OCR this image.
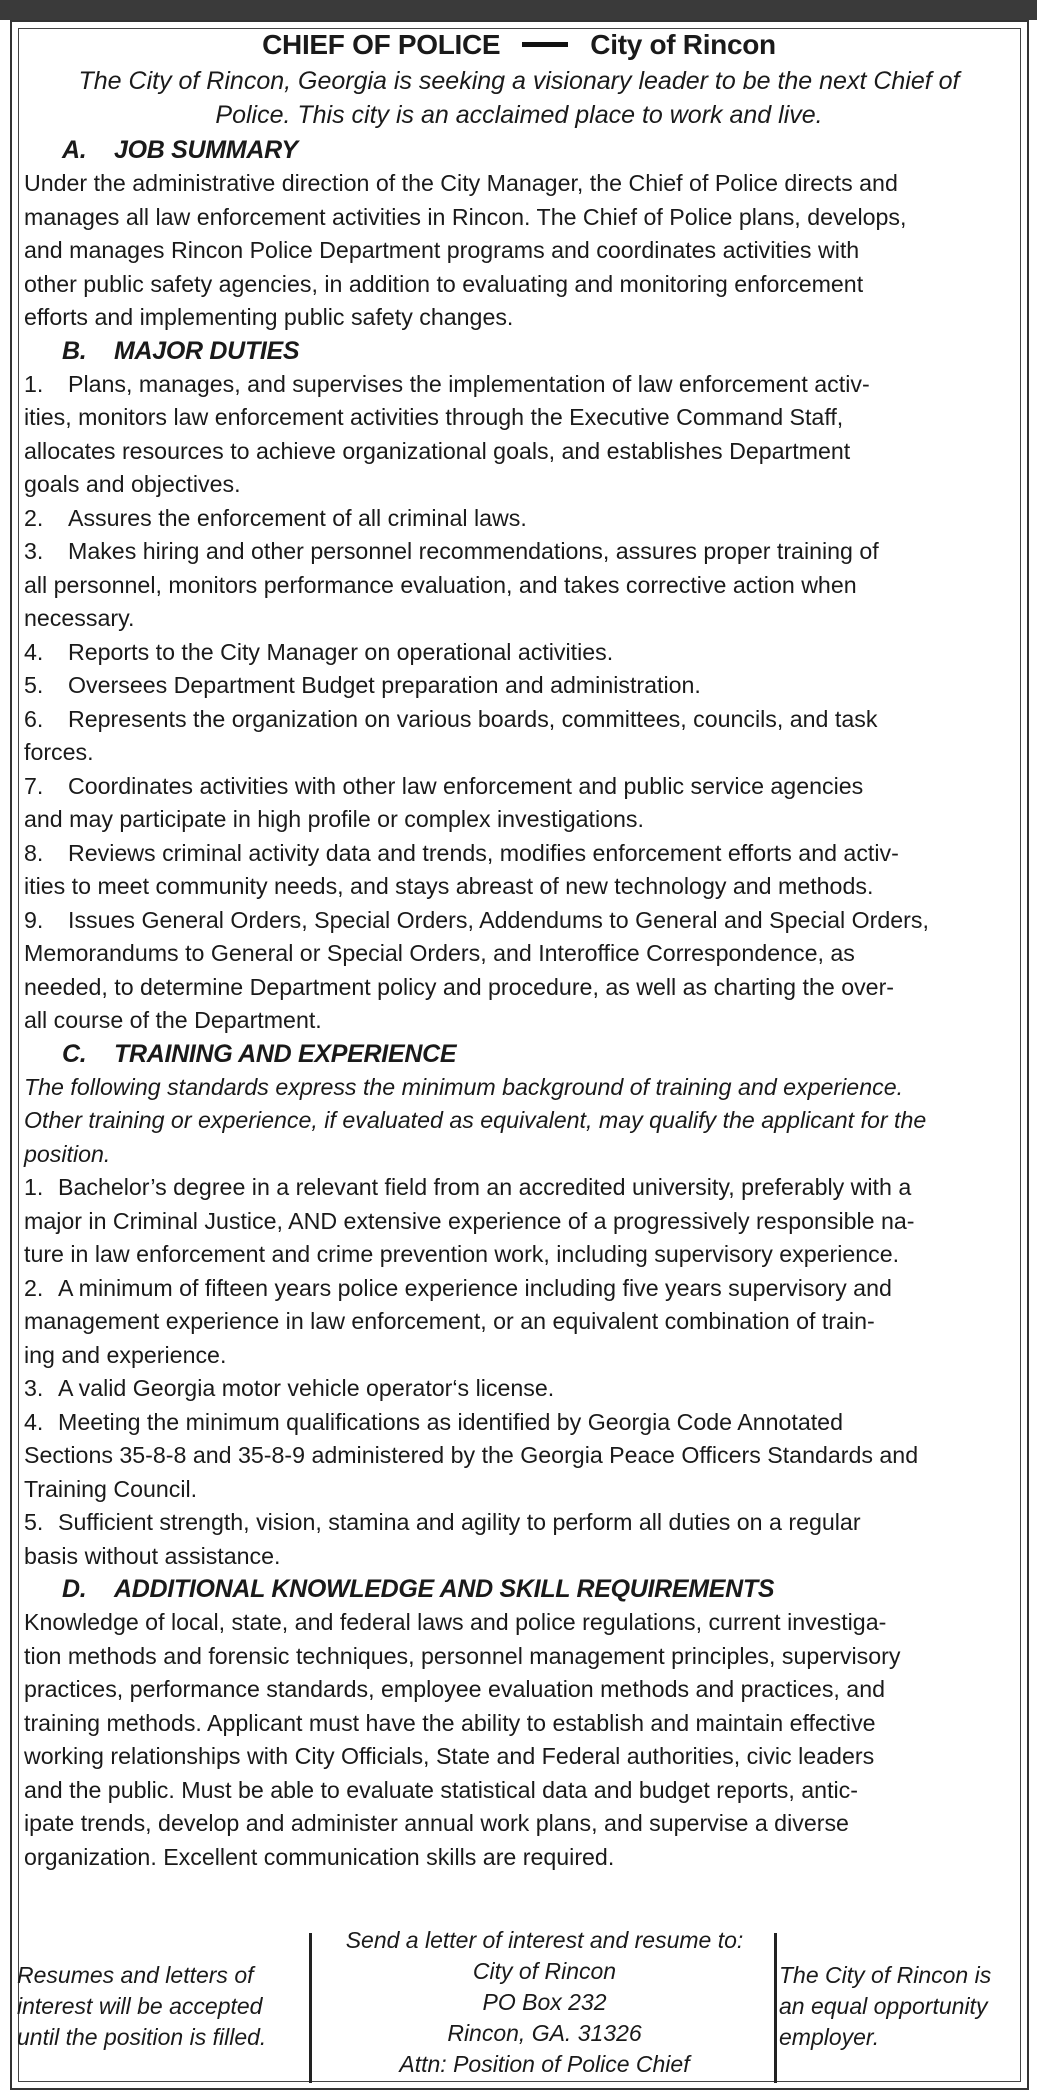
CHIEF OF POLICE	City of Rincon
The City of Rincon, Georgia is seeking a visionary leader to be the next Chief of
Police. This city is an acclaimed place to work and live.
A. JOB SUMMARY
Under the administrative direction of the City Manager, the Chief of Police directs and
manages all law enforcement activities in Rincon. The Chief of Police plans, develops,
and manages Rincon Police Department programs and coordinates activities with
other public safety agencies, in addition to evaluating and monitoring enforcement
efforts and implementing public safety changes.
B. MAJOR DUTIES
1. Plans, manages, and supervises the implementation of law enforcement activ-
ities, monitors law enforcement activities through the Executive Command Staff,
allocates resources to achieve organizational goals, and establishes Department
goals and objectives.
2. Assures the enforcement of all criminal laws.
3. Makes hiring and other personnel recommendations, assures proper training of
all personnel, monitors performance evaluation, and takes corrective action when
necessary.
4. Reports to the City Manager on operational activities.
5. Oversees Department Budget preparation and administration.
6. Represents the organization on various boards, committees, councils, and task
forces.
7. Coordinates activities with other law enforcement and public service agencies
and may participate in high profile or complex investigations.
8. Reviews criminal activity data and trends, modifies enforcement efforts and activ-
ities to meet community needs, and stays abreast of new technology and methods.
9. Issues General Orders, Special Orders, Addendums to General and Special Orders,
Memorandums to General or Special Orders, and Interoffice Correspondence, as
needed, to determine Department policy and procedure, as well as charting the over-
all course of the Department.
C. TRAINING AND EXPERIENCE
The following standards express the minimum background of training and experience.
Other training or experience, if evaluated as equivalent, may qualify the applicant for the
position.
1. Bachelor’s degree in a relevant field from an accredited university, preferably with a
major in Criminal Justice, AND extensive experience of a progressively responsible na-
ture in law enforcement and crime prevention work, including supervisory experience.
2. A minimum of fifteen years police experience including five years supervisory and
management experience in law enforcement, or an equivalent combination of train-
ing and experience.
3. A valid Georgia motor vehicle operator‘s license.
4. Meeting the minimum qualifications as identified by Georgia Code Annotated
Sections 35-8-8 and 35-8-9 administered by the Georgia Peace Officers Standards and
Training Council.
5. Sufficient strength, vision, stamina and agility to perform all duties on a regular
basis without assistance.
D. ADDITIONAL KNOWLEDGE AND SKILL REQUIREMENTS
Knowledge of local, state, and federal laws and police regulations, current investiga-
tion methods and forensic techniques, personnel management principles, supervisory
practices, performance standards, employee evaluation methods and practices, and
training methods. Applicant must have the ability to establish and maintain effective
working relationships with City Officials, State and Federal authorities, civic leaders
and the public. Must be able to evaluate statistical data and budget reports, antic-
ipate trends, develop and administer annual work plans, and supervise a diverse
organization. Excellent communication skills are required.
Resumes and letters of
interest will be accepted
until the position is filled.
Send a letter of interest and resume to:
City of Rincon
PO Box 232
Rincon, GA. 31326
Attn: Position of Police Chief
The City of Rincon is
an equal opportunity
employer.
